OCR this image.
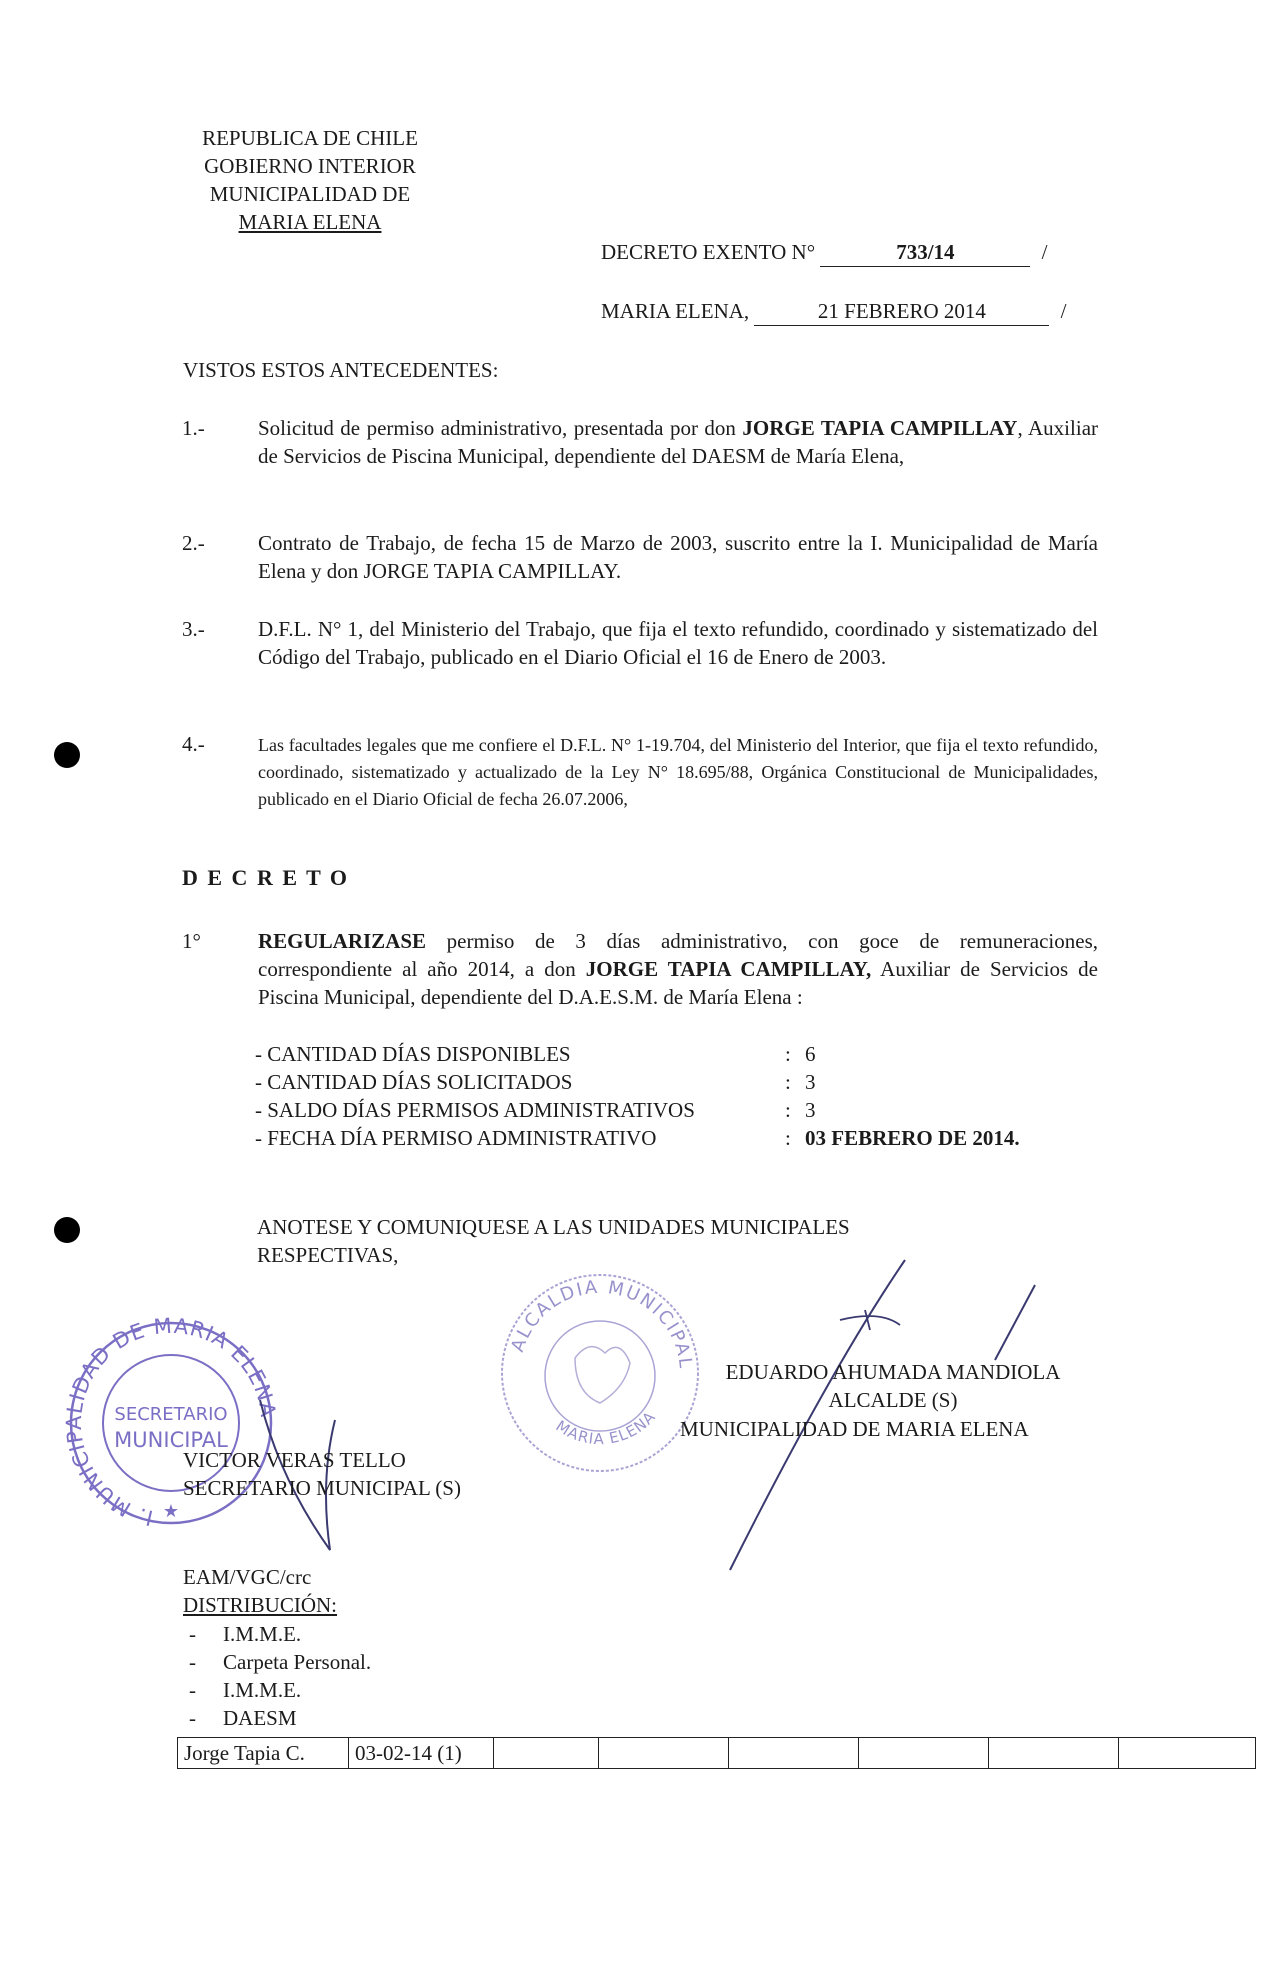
REPUBLICA DE CHILE
GOBIERNO INTERIOR
MUNICIPALIDAD DE
MARIA ELENA
DECRETO EXENTO N°	733/14	/
MARIA ELENA,	21 FEBRERO 2014	/
VISTOS ESTOS ANTECEDENTES:
1.-	Solicitud de permiso administrativo, presentada por don JORGE TAPIA CAMPILLAY, Auxiliar de Servicios de Piscina Municipal, dependiente del DAESM de María Elena,
2.-	Contrato de Trabajo, de fecha 15 de Marzo de 2003, suscrito entre la I. Municipalidad de María Elena y don JORGE TAPIA CAMPILLAY.
3.-	D.F.L. N° 1, del Ministerio del Trabajo, que fija el texto refundido, coordinado y sistematizado del Código del Trabajo, publicado en el Diario Oficial el 16 de Enero de 2003.
4.-	Las facultades legales que me confiere el D.F.L. N° 1-19.704, del Ministerio del Interior, que fija el texto refundido, coordinado, sistematizado y actualizado de la Ley N° 18.695/88, Orgánica Constitucional de Municipalidades, publicado en el Diario Oficial de fecha 26.07.2006,
D E C R E T O
1°	REGULARIZASE permiso de 3 días administrativo, con goce de remuneraciones, correspondiente al año 2014, a don JORGE TAPIA CAMPILLAY, Auxiliar de Servicios de Piscina Municipal, dependiente del D.A.E.S.M. de María Elena :
- CANTIDAD DÍAS DISPONIBLES	: 6
- CANTIDAD DÍAS SOLICITADOS	: 3
- SALDO DÍAS PERMISOS ADMINISTRATIVOS	: 3
- FECHA DÍA PERMISO ADMINISTRATIVO	: 03 FEBRERO DE 2014.
ANOTESE Y COMUNIQUESE A LAS UNIDADES MUNICIPALES
RESPECTIVAS,
I. MUNICIPALIDAD DE MARIA ELENA
SECRETARIO
MUNICIPAL
★
ALCALDIA MUNICIPAL
MARIA ELENA
EDUARDO AHUMADA MANDIOLA
ALCALDE (S)
MUNICIPALIDAD DE MARIA ELENA
VICTOR VERAS TELLO
SECRETARIO MUNICIPAL (S)
EAM/VGC/crc
DISTRIBUCIÓN:
-	I.M.M.E.
-	Carpeta Personal.
-	I.M.M.E.
-	DAESM
Jorge Tapia C.	03-02-14 (1)						
